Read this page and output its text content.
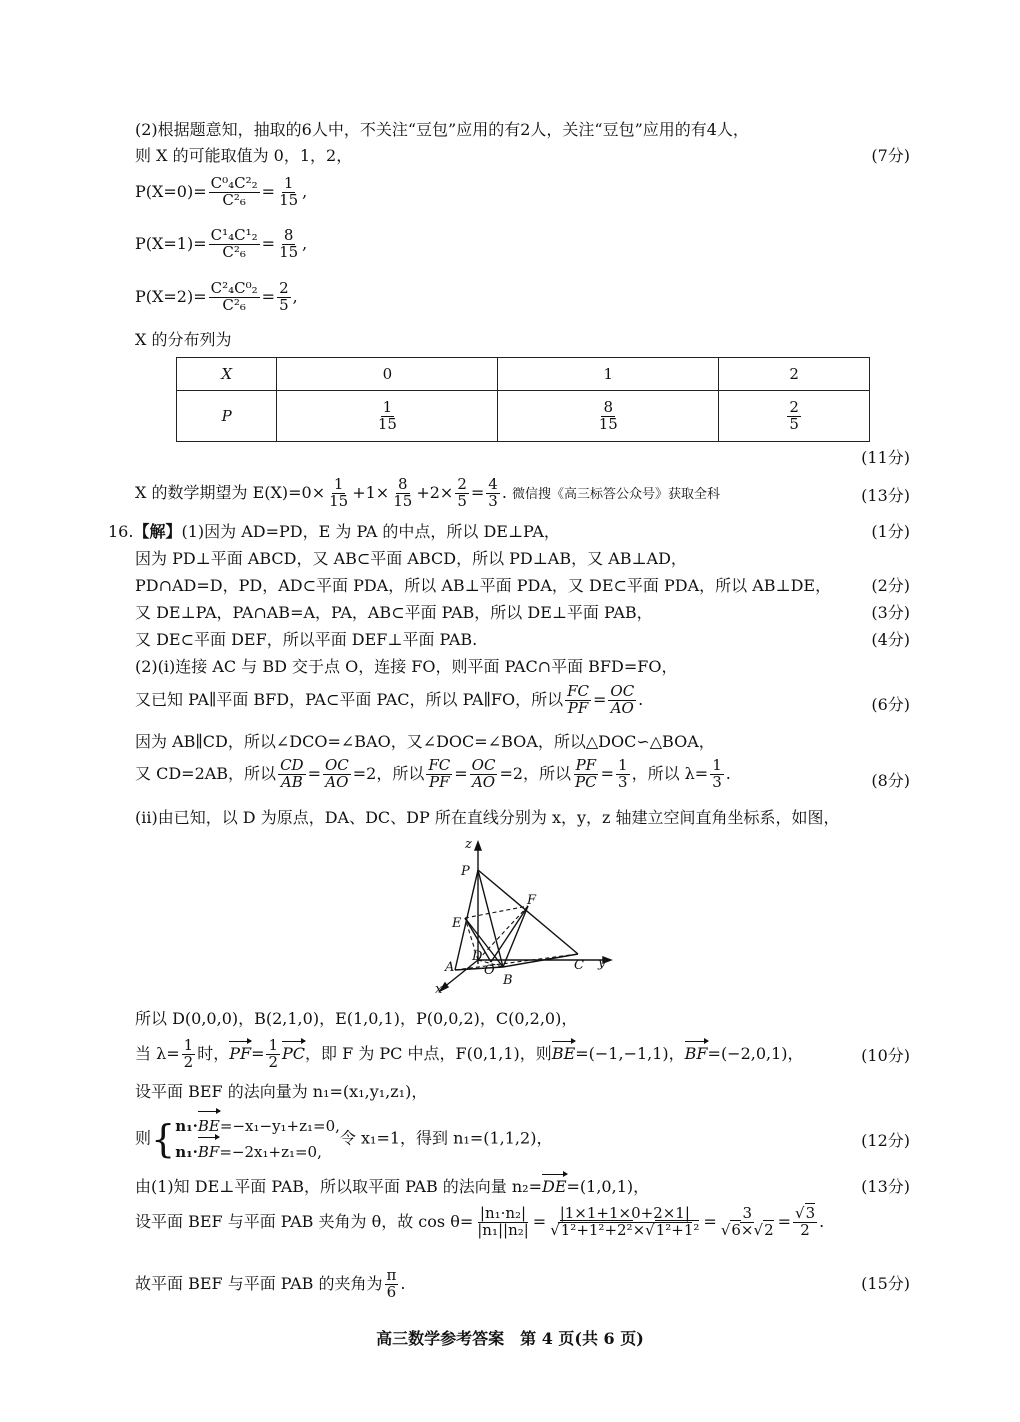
(2)根据题意知，抽取的6人中，不关注“豆包”应用的有2人，关注“豆包”应用的有4人，
则 X 的可能取值为 0，1，2，	(7分)
$P(X=0)= \frac{\text{C⁰₄C²₂}}{\text{C²₆}} = \frac{1}{15}$ ,
$P(X=1)= \frac{\text{C¹₄C¹₂}}{\text{C²₆}} = \frac{8}{15}$ ,
$P(X=2)= \frac{\text{C²₄C⁰₂}}{\text{C²₆}} = \frac{2}{5}$ ,
X 的分布列为
X	0	1	2
P	$\frac{1}{15}$	$\frac{8}{15}$	$\frac{2}{5}$
(11分)
X 的数学期望为 $E(X)=0\times \frac{1}{15} +1\times \frac{8}{15} +2\times \frac{2}{5} = \frac{4}{3}$ . 微信搜《高三标答公众号》获取全科	(13分)
16.【解】(1)因为 AD=PD，E 为 PA 的中点，所以 DE⊥PA，	(1分)
因为 PD⊥平面 ABCD，又 AB⊂平面 ABCD，所以 PD⊥AB，又 AB⊥AD，
PD∩AD=D，PD，AD⊂平面 PDA，所以 AB⊥平面 PDA，又 DE⊂平面 PDA，所以 AB⊥DE，	(2分)
又 DE⊥PA，PA∩AB=A，PA，AB⊂平面 PAB，所以 DE⊥平面 PAB，	(3分)
又 DE⊂平面 DEF，所以平面 DEF⊥平面 PAB.	(4分)
(2)(i)连接 AC 与 BD 交于点 O，连接 FO，则平面 PAC∩平面 BFD=FO，
又已知 PA∥平面 BFD，PA⊂平面 PAC，所以 PA∥FO，所以 $\frac{FC}{PF} = \frac{OC}{AO}$ .	(6分)
因为 AB∥CD，所以∠DCO=∠BAO，又∠DOC=∠BOA，所以△DOC∽△BOA，
又 CD=2AB，所以 $\frac{CD}{AB} = \frac{OC}{AO} =2$，所以 $\frac{FC}{PF} = \frac{OC}{AO} =2$，所以 $\frac{PF}{PC} = \frac{1}{3}$ ，所以 $\lambda= \frac{1}{3}$ .	(8分)
(ii)由已知，以 D 为原点，DA、DC、DP 所在直线分别为 x，y，z 轴建立空间直角坐标系，如图，
P
F
E
D
O
A
B
C
x
y
z
所以 D(0,0,0)，B(2,1,0)，E(1,0,1)，P(0,0,2)，C(0,2,0)，
当 $\lambda= \frac{1}{2}$ 时，$PF= \frac{1}{2}$ PC，即 F 为 PC 中点，F(0,1,1)，则BE=(−1,−1,1)，BF=(−2,0,1)，	(10分)
设平面 BEF 的法向量为 n₁=(x₁,y₁,z₁)，
则{ n₁·BE=−x₁−y₁+z₁=0,
n₁·BF=−2x₁+z₁=0,
令 x₁=1，得到 n₁=(1,1,2)，	(12分)
由(1)知 DE⊥平面 PAB，所以取平面 PAB 的法向量 n₂=DE=(1,0,1)，	(13分)
设平面 BEF 与平面 PAB 夹角为 θ，故 $\cos \theta= \frac{\text{|n₁·n₂|}}{\text{|n₁||n₂|}} = \frac{|1\times 1+1\times 0+2\times 1|}{\text{√1²+1²+2²×√1²+1²}} = \frac{3}{√6\times√2} = \frac{√3}{2}$ .
故平面 BEF 与平面 PAB 的夹角为 $\frac{\pi}{6}$ .	(15分)
高三数学参考答案　第 4 页(共 6 页)
